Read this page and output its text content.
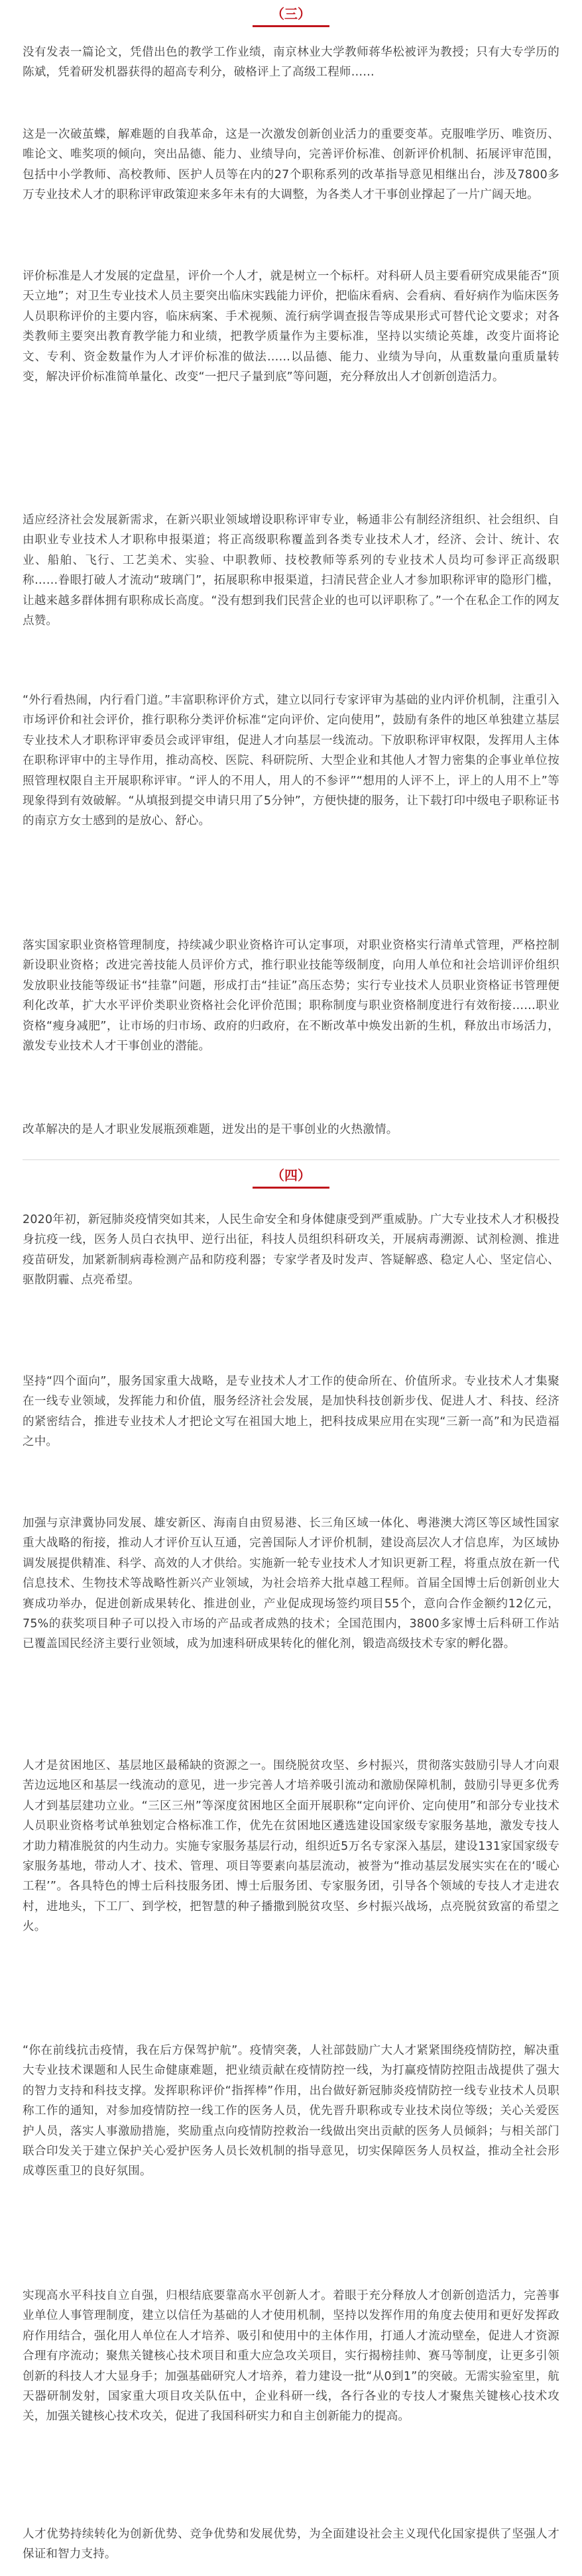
（三）

没有发表一篇论文，凭借出色的教学工作业绩，南京林业大学教师蒋华松被评为教授；只有大专学历的陈斌，凭着研发机器获得的超高专利分，破格评上了高级工程师……

这是一次破茧蝶，解难题的自我革命，这是一次激发创新创业活力的重要变革。克服唯学历、唯资历、唯论文、唯奖项的倾向，突出品德、能力、业绩导向，完善评价标准、创新评价机制、拓展评审范围，包括中小学教师、高校教师、医护人员等在内的27个职称系列的改革指导意见相继出台，涉及7800多万专业技术人才的职称评审政策迎来多年未有的大调整，为各类人才干事创业撑起了一片广阔天地。

评价标准是人才发展的定盘星，评价一个人才，就是树立一个标杆。对科研人员主要看研究成果能否“顶天立地”；对卫生专业技术人员主要突出临床实践能力评价，把临床看病、会看病、看好病作为临床医务人员职称评价的主要内容，临床病案、手术视频、流行病学调查报告等成果形式可替代论文要求；对各类教师主要突出教育教学能力和业绩，把教学质量作为主要标准，坚持以实绩论英雄，改变片面将论文、专利、资金数量作为人才评价标准的做法……以品德、能力、业绩为导向，从重数量向重质量转变，解决评价标准简单量化、改变“一把尺子量到底”等问题，充分释放出人才创新创造活力。

适应经济社会发展新需求，在新兴职业领域增设职称评审专业，畅通非公有制经济组织、社会组织、自由职业专业技术人才职称申报渠道；将正高级职称覆盖到各类专业技术人才，经济、会计、统计、农业、船舶、飞行、工艺美术、实验、中职教师、技校教师等系列的专业技术人员均可参评正高级职称……眷眼打破人才流动“玻璃门”，拓展职称申报渠道，扫清民营企业人才参加职称评审的隐形门槛，让越来越多群体拥有职称成长高度。“没有想到我们民营企业的也可以评职称了。”一个在私企工作的网友点赞。

“外行看热闹，内行看门道。”丰富职称评价方式，建立以同行专家评审为基础的业内评价机制，注重引入市场评价和社会评价，推行职称分类评价标准“定向评价、定向使用”，鼓励有条件的地区单独建立基层专业技术人才职称评审委员会或评审组，促进人才向基层一线流动。下放职称评审权限，发挥用人主体在职称评审中的主导作用，推动高校、医院、科研院所、大型企业和其他人才智力密集的企事业单位按照管理权限自主开展职称评审。“评人的不用人，用人的不参评”“想用的人评不上，评上的人用不上”等现象得到有效破解。“从填报到提交申请只用了5分钟”，方便快捷的服务，让下载打印中级电子职称证书的南京方女士感到的是放心、舒心。

落实国家职业资格管理制度，持续减少职业资格许可认定事项，对职业资格实行清单式管理，严格控制新设职业资格；改进完善技能人员评价方式，推行职业技能等级制度，向用人单位和社会培训评价组织发放职业技能等级证书“挂靠”问题，形成打击“挂证”高压态势；实行专业技术人员职业资格证书管理便利化改革，扩大水平评价类职业资格社会化评价范围；职称制度与职业资格制度进行有效衔接……职业资格“瘦身减肥”，让市场的归市场、政府的归政府，在不断改革中焕发出新的生机，释放出市场活力，激发专业技术人才干事创业的潜能。

改革解决的是人才职业发展瓶颈难题，迸发出的是干事创业的火热激情。

（四）

2020年初，新冠肺炎疫情突如其来，人民生命安全和身体健康受到严重威胁。广大专业技术人才积极投身抗疫一线，医务人员白衣执甲、逆行出征，科技人员组织科研攻关，开展病毒溯源、试剂检测、推进疫苗研发，加紧新制病毒检测产品和防疫利器；专家学者及时发声、答疑解惑、稳定人心、坚定信心、驱散阴霾、点亮希望。

坚持“四个面向”，服务国家重大战略，是专业技术人才工作的使命所在、价值所求。专业技术人才集聚在一线专业领域，发挥能力和价值，服务经济社会发展，是加快科技创新步伐、促进人才、科技、经济的紧密结合，推进专业技术人才把论文写在祖国大地上，把科技成果应用在实现“三新一高”和为民造福之中。

加强与京津冀协同发展、雄安新区、海南自由贸易港、长三角区域一体化、粤港澳大湾区等区域性国家重大战略的衔接，推动人才评价互认互通，完善国际人才评价机制，建设高层次人才信息库，为区域协调发展提供精准、科学、高效的人才供给。实施新一轮专业技术人才知识更新工程，将重点放在新一代信息技术、生物技术等战略性新兴产业领域，为社会培养大批卓越工程师。首届全国博士后创新创业大赛成功举办，促进创新成果转化、推进创业，产业促成现场签约项目55个，意向合作金额约12亿元，75%的获奖项目种子可以投入市场的产品或者成熟的技术；全国范围内，3800多家博士后科研工作站已覆盖国民经济主要行业领域，成为加速科研成果转化的催化剂，锻造高级技术专家的孵化器。

人才是贫困地区、基层地区最稀缺的资源之一。围绕脱贫攻坚、乡村振兴，贯彻落实鼓励引导人才向艰苦边远地区和基层一线流动的意见，进一步完善人才培养吸引流动和激励保障机制，鼓励引导更多优秀人才到基层建功立业。“三区三州”等深度贫困地区全面开展职称“定向评价、定向使用”和部分专业技术人员职业资格考试单独划定合格标准工作，优先在贫困地区遴选建设国家级专家服务基地，激发专技人才助力精准脱贫的内生动力。实施专家服务基层行动，组织近5万名专家深入基层，建设131家国家级专家服务基地，带动人才、技术、管理、项目等要素向基层流动，被誉为“推动基层发展实实在在的‘暖心工程’”。各具特色的博士后科技服务团、博士后服务团、专家服务团，引导各个领域的专技人才走进农村，进地头，下工厂、到学校，把智慧的种子播撒到脱贫攻坚、乡村振兴战场，点亮脱贫致富的希望之火。

“你在前线抗击疫情，我在后方保驾护航”。疫情突袭，人社部鼓励广大人才紧紧围绕疫情防控，解决重大专业技术课题和人民生命健康难题，把业绩贡献在疫情防控一线，为打赢疫情防控阻击战提供了强大的智力支持和科技支撑。发挥职称评价“指挥棒”作用，出台做好新冠肺炎疫情防控一线专业技术人员职称工作的通知，对参加疫情防控一线工作的医务人员，优先晋升职称或专业技术岗位等级；关心关爱医护人员，落实人事激励措施，奖励重点向疫情防控救治一线做出突出贡献的医务人员倾斜；与相关部门联合印发关于建立保护关心爱护医务人员长效机制的指导意见，切实保障医务人员权益，推动全社会形成尊医重卫的良好氛围。

实现高水平科技自立自强，归根结底要靠高水平创新人才。着眼于充分释放人才创新创造活力，完善事业单位人事管理制度，建立以信任为基础的人才使用机制，坚持以发挥作用的角度去使用和更好发挥政府作用结合，强化用人单位在人才培养、吸引和使用中的主体作用，打通人才流动壁垒，促进人才资源合理有序流动；聚焦关键核心技术项目和重大应急攻关项目，实行揭榜挂帅、赛马等制度，让更多引领创新的科技人才大显身手；加强基础研究人才培养，着力建设一批“从0到1”的突破。无需实验室里，航天器研制发射，国家重大项目攻关队伍中，企业科研一线，各行各业的专技人才聚焦关键核心技术攻关，加强关键核心技术攻关，促进了我国科研实力和自主创新能力的提高。

人才优势持续转化为创新优势、竞争优势和发展优势，为全面建设社会主义现代化国家提供了坚强人才保证和智力支持。
